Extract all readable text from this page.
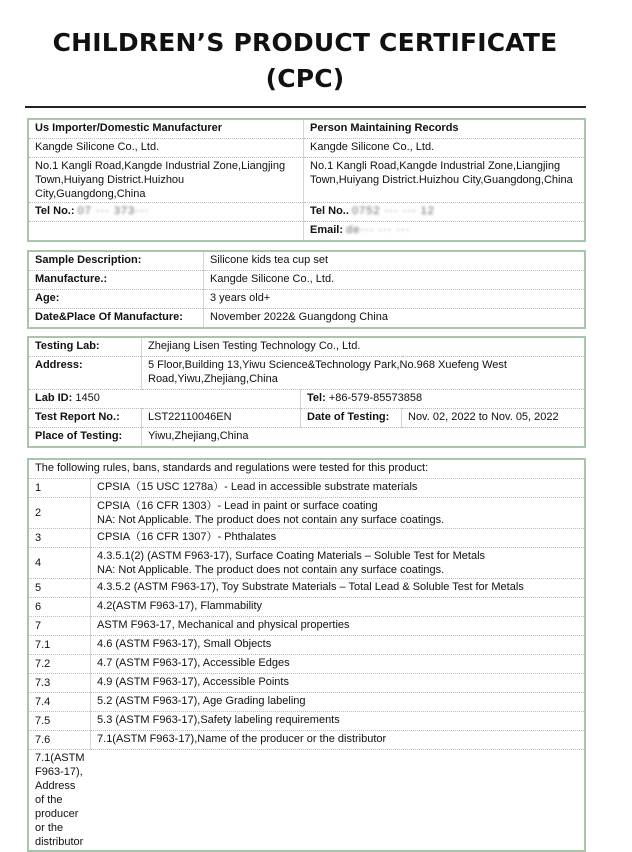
CHILDREN’S PRODUCT CERTIFICATE
(CPC)
Us Importer/Domestic Manufacturer	Person Maintaining Records
Kangde Silicone Co., Ltd.	Kangde Silicone Co., Ltd.
No.1 Kangli Road,Kangde Industrial Zone,Liangjing Town,Huiyang District.Huizhou City,Guangdong,China	No.1 Kangli Road,Kangde Industrial Zone,Liangjing Town,Huiyang District.Huizhou City,Guangdong,China
Tel No.: 07 ··· 373···	Tel No.. 0752 ··· ··· 12
	Email: de··· ··· ···
Sample Description:	Silicone kids tea cup set
Manufacture.:	Kangde Silicone Co., Ltd.
Age:	3 years old+
Date&Place Of Manufacture:	November 2022& Guangdong China
Testing Lab:	Zhejiang Lisen Testing Technology Co., Ltd.		
Address:	5 Floor,Building 13,Yiwu Science&Technology Park,No.968 Xuefeng West Road,Yiwu,Zhejiang,China		
Lab ID: 1450		Tel: +86-579-85573858	
Test Report No.:	LST22110046EN	Date of Testing:	Nov. 02, 2022 to Nov. 05, 2022
Place of Testing:	Yiwu,Zhejiang,China		
The following rules, bans, standards and regulations were tested for this product:	
1	CPSIA（15 USC 1278a）- Lead in accessible substrate materials

2	CPSIA（16 CFR 1303）- Lead in paint or surface coating
NA: Not Applicable. The product does not contain any surface coatings.

3	CPSIA（16 CFR 1307）- Phthalates

4	4.3.5.1(2) (ASTM F963-17), Surface Coating Materials – Soluble Test for Metals
NA: Not Applicable. The product does not contain any surface coatings.

5	4.3.5.2 (ASTM F963-17), Toy Substrate Materials – Total Lead & Soluble Test for Metals

6	4.2(ASTM F963-17), Flammability

7	ASTM F963-17, Mechanical and physical properties

7.1	4.6 (ASTM F963-17), Small Objects

7.2	4.7 (ASTM F963-17), Accessible Edges

7.3	4.9 (ASTM F963-17), Accessible Points

7.4	5.2 (ASTM F963-17), Age Grading labeling

7.5	5.3 (ASTM F963-17),Safety labeling requirements

7.6	7.1(ASTM F963-17),Name of the producer or the distributor
7.1(ASTM F963-17), Address of the producer or the distributor	
